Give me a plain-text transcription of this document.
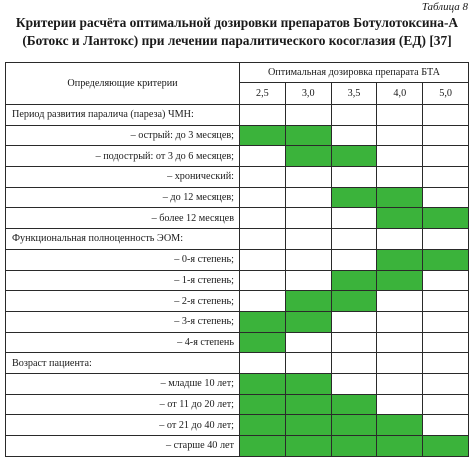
Таблица 8
Критерии расчёта оптимальной дозировки препаратов Ботулотоксина-А
(Ботокс и Лантокс) при лечении паралитического косоглазия (ЕД) [37]
Определяющие критерии	Оптимальная дозировка препарата БТА				
	2,5	3,0	3,5	4,0	5,0
Период развития паралича (пареза) ЧМН:					
– острый: до 3 месяцев;					
– подострый: от 3 до 6 месяцев;					
– хронический:					
– до 12 месяцев;					
– более 12 месяцев					
Функциональная полноценность ЭОМ:					
– 0-я степень;					
– 1-я степень;					
– 2-я степень;					
– 3-я степень;					
– 4-я степень					
Возраст пациента:					
– младше 10 лет;					
– от 11 до 20 лет;					
– от 21 до 40 лет;					
– старше 40 лет					
